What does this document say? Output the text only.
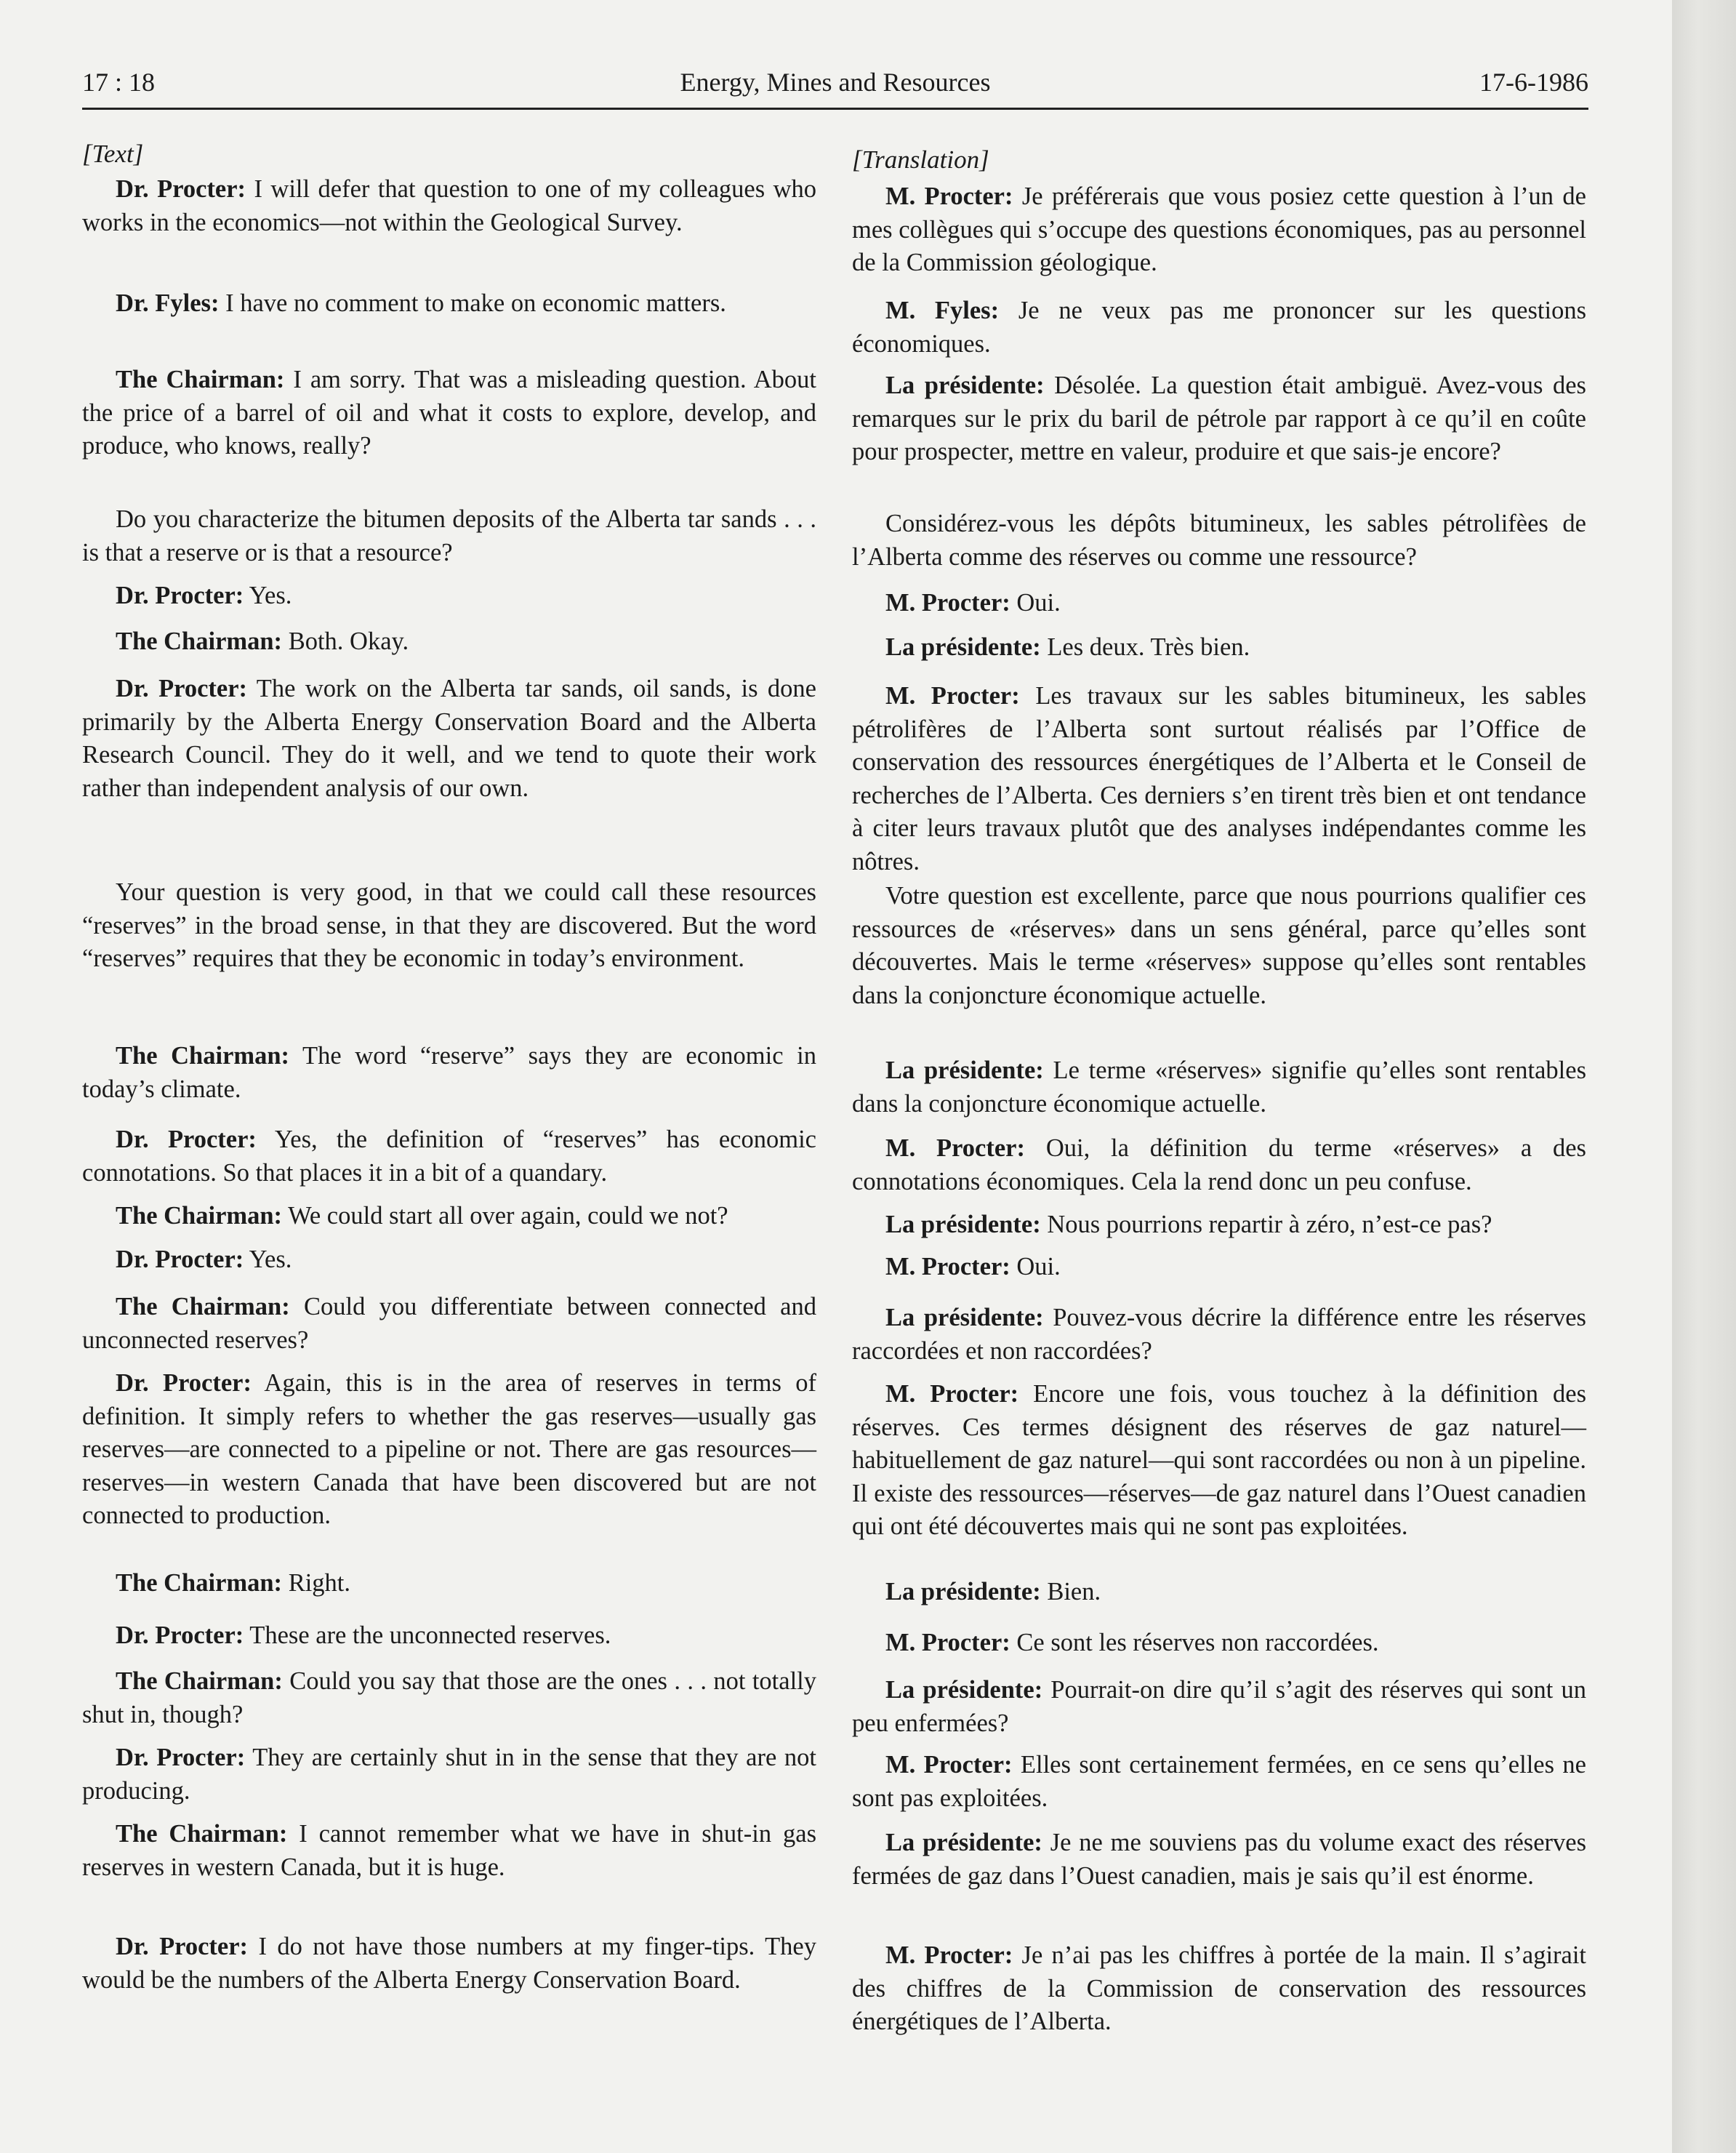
17 : 18	Energy, Mines and Resources	17-6-1986
[Text]

Dr. Procter: I will defer that question to one of my colleagues who works in the economics—not within the Geological Survey.

Dr. Fyles: I have no comment to make on economic matters.

The Chairman: I am sorry. That was a misleading question. About the price of a barrel of oil and what it costs to explore, develop, and produce, who knows, really?

Do you characterize the bitumen deposits of the Alberta tar sands . . . is that a reserve or is that a resource?

Dr. Procter: Yes.

The Chairman: Both. Okay.

Dr. Procter: The work on the Alberta tar sands, oil sands, is done primarily by the Alberta Energy Conservation Board and the Alberta Research Council. They do it well, and we tend to quote their work rather than independent analysis of our own.

Your question is very good, in that we could call these resources “reserves” in the broad sense, in that they are discovered. But the word “reserves” requires that they be economic in today’s environment.

The Chairman: The word “reserve” says they are economic in today’s climate.

Dr. Procter: Yes, the definition of “reserves” has economic connotations. So that places it in a bit of a quandary.

The Chairman: We could start all over again, could we not?

Dr. Procter: Yes.

The Chairman: Could you differentiate between connected and unconnected reserves?

Dr. Procter: Again, this is in the area of reserves in terms of definition. It simply refers to whether the gas reserves—usually gas reserves—are connected to a pipeline or not. There are gas resources—reserves—in western Canada that have been discovered but are not connected to production.

The Chairman: Right.

Dr. Procter: These are the unconnected reserves.

The Chairman: Could you say that those are the ones . . . not totally shut in, though?

Dr. Procter: They are certainly shut in in the sense that they are not producing.

The Chairman: I cannot remember what we have in shut-in gas reserves in western Canada, but it is huge.

Dr. Procter: I do not have those numbers at my finger-tips. They would be the numbers of the Alberta Energy Conservation Board.

[Translation]

M. Procter: Je préférerais que vous posiez cette question à l’un de mes collègues qui s’occupe des questions économiques, pas au personnel de la Commission géologique.

M. Fyles: Je ne veux pas me prononcer sur les questions économiques.

La présidente: Désolée. La question était ambiguë. Avez-vous des remarques sur le prix du baril de pétrole par rapport à ce qu’il en coûte pour prospecter, mettre en valeur, produire et que sais-je encore?

Considérez-vous les dépôts bitumineux, les sables pétrolifèes de l’Alberta comme des réserves ou comme une ressource?

M. Procter: Oui.

La présidente: Les deux. Très bien.

M. Procter: Les travaux sur les sables bitumineux, les sables pétrolifères de l’Alberta sont surtout réalisés par l’Office de conservation des ressources énergétiques de l’Alberta et le Conseil de recherches de l’Alberta. Ces derniers s’en tirent très bien et ont tendance à citer leurs travaux plutôt que des analyses indépendantes comme les nôtres.

Votre question est excellente, parce que nous pourrions qualifier ces ressources de «réserves» dans un sens général, parce qu’elles sont découvertes. Mais le terme «réserves» suppose qu’elles sont rentables dans la conjoncture économique actuelle.

La présidente: Le terme «réserves» signifie qu’elles sont rentables dans la conjoncture économique actuelle.

M. Procter: Oui, la définition du terme «réserves» a des connotations économiques. Cela la rend donc un peu confuse.

La présidente: Nous pourrions repartir à zéro, n’est-ce pas?

M. Procter: Oui.

La présidente: Pouvez-vous décrire la différence entre les réserves raccordées et non raccordées?

M. Procter: Encore une fois, vous touchez à la définition des réserves. Ces termes désignent des réserves de gaz naturel—habituellement de gaz naturel—qui sont raccordées ou non à un pipeline. Il existe des ressources—réserves—de gaz naturel dans l’Ouest canadien qui ont été découvertes mais qui ne sont pas exploitées.

La présidente: Bien.

M. Procter: Ce sont les réserves non raccordées.

La présidente: Pourrait-on dire qu’il s’agit des réserves qui sont un peu enfermées?

M. Procter: Elles sont certainement fermées, en ce sens qu’elles ne sont pas exploitées.

La présidente: Je ne me souviens pas du volume exact des réserves fermées de gaz dans l’Ouest canadien, mais je sais qu’il est énorme.

M. Procter: Je n’ai pas les chiffres à portée de la main. Il s’agirait des chiffres de la Commission de conservation des ressources énergétiques de l’Alberta.
